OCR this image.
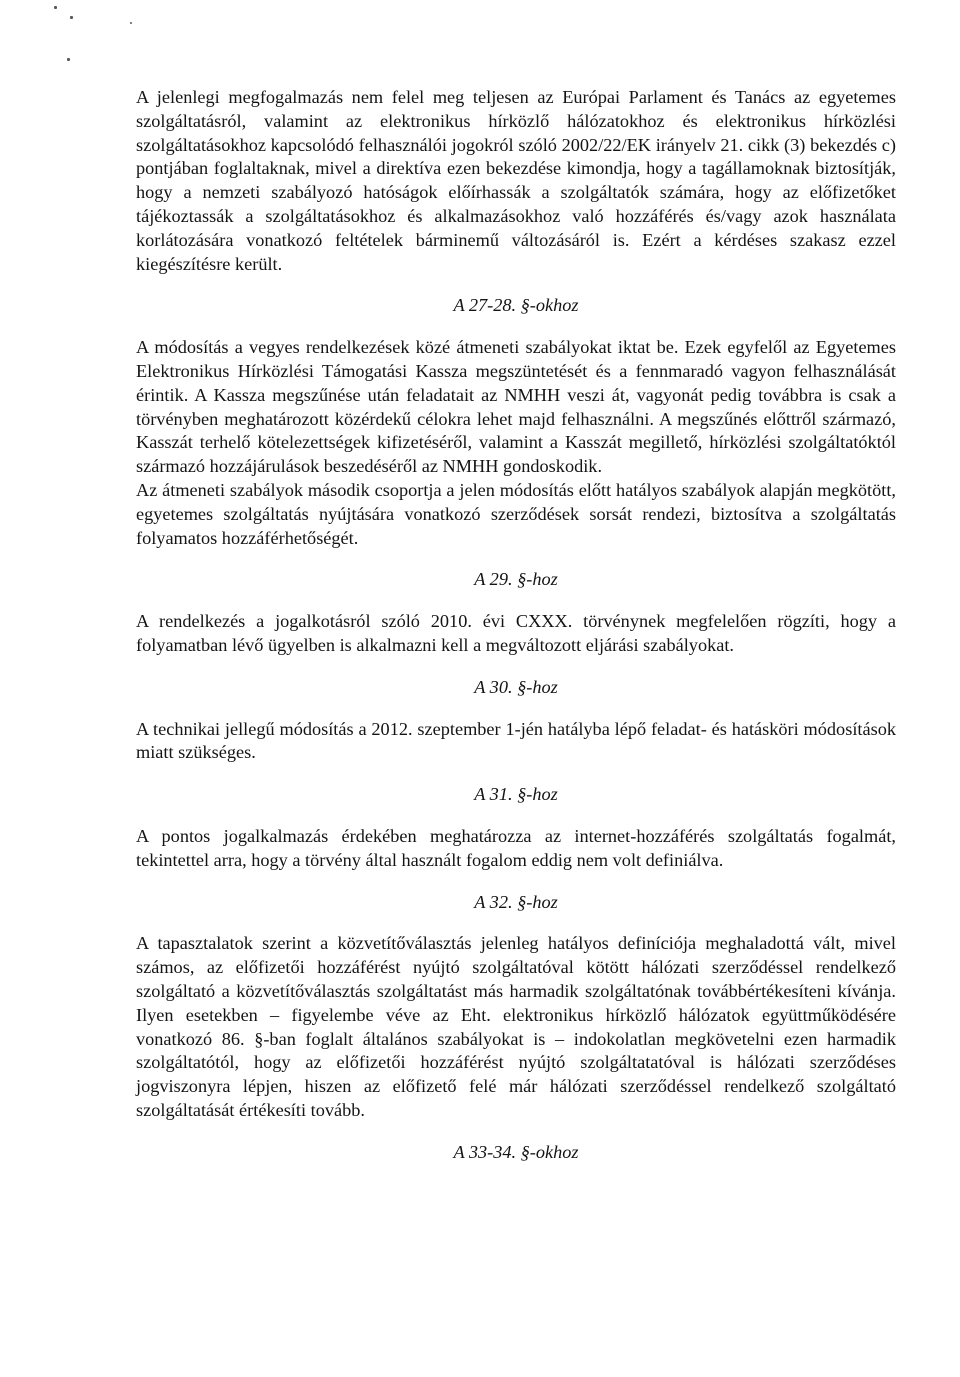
A jelenlegi megfogalmazás nem felel meg teljesen az Európai Parlament és Tanács az egyetemes szolgáltatásról, valamint az elektronikus hírközlő hálózatokhoz és elektronikus hírközlési szolgáltatásokhoz kapcsolódó felhasználói jogokról szóló 2002/22/EK irányelv 21. cikk (3) bekezdés c) pontjában foglaltaknak, mivel a direktíva ezen bekezdése kimondja, hogy a tagállamoknak biztosítják, hogy a nemzeti szabályozó hatóságok előírhassák a szolgáltatók számára, hogy az előfizetőket tájékoztassák a szolgáltatásokhoz és alkalmazásokhoz való hozzáférés és/vagy azok használata korlátozására vonatkozó feltételek bárminemű változásáról is. Ezért a kérdéses szakasz ezzel kiegészítésre került.

A 27-28. §-okhoz

A módosítás a vegyes rendelkezések közé átmeneti szabályokat iktat be. Ezek egyfelől az Egyetemes Elektronikus Hírközlési Támogatási Kassza megszüntetését és a fennmaradó vagyon felhasználását érintik. A Kassza megszűnése után feladatait az NMHH veszi át, vagyonát pedig továbbra is csak a törvényben meghatározott közérdekű célokra lehet majd felhasználni. A megszűnés előttről származó, Kasszát terhelő kötelezettségek kifizetéséről, valamint a Kasszát megillető, hírközlési szolgáltatóktól származó hozzájárulások beszedéséről az NMHH gondoskodik.

Az átmeneti szabályok második csoportja a jelen módosítás előtt hatályos szabályok alapján megkötött, egyetemes szolgáltatás nyújtására vonatkozó szerződések sorsát rendezi, biztosítva a szolgáltatás folyamatos hozzáférhetőségét.

A 29. §-hoz

A rendelkezés a jogalkotásról szóló 2010. évi CXXX. törvénynek megfelelően rögzíti, hogy a folyamatban lévő ügyelben is alkalmazni kell a megváltozott eljárási szabályokat.

A 30. §-hoz

A technikai jellegű módosítás a 2012. szeptember 1-jén hatályba lépő feladat- és hatásköri módosítások miatt szükséges.

A 31. §-hoz

A pontos jogalkalmazás érdekében meghatározza az internet-hozzáférés szolgáltatás fogalmát, tekintettel arra, hogy a törvény által használt fogalom eddig nem volt definiálva.

A 32. §-hoz

A tapasztalatok szerint a közvetítőválasztás jelenleg hatályos definíciója meghaladottá vált, mivel számos, az előfizetői hozzáférést nyújtó szolgáltatóval kötött hálózati szerződéssel rendelkező szolgáltató a közvetítőválasztás szolgáltatást más harmadik szolgáltatónak továbbértékesíteni kívánja. Ilyen esetekben – figyelembe véve az Eht. elektronikus hírközlő hálózatok együttműködésére vonatkozó 86. §-ban foglalt általános szabályokat is – indokolatlan megkövetelni ezen harmadik szolgáltatótól, hogy az előfizetői hozzáférést nyújtó szolgáltatatóval is hálózati szerződéses jogviszonyra lépjen, hiszen az előfizető felé már hálózati szerződéssel rendelkező szolgáltató szolgáltatását értékesíti tovább.

A 33-34. §-okhoz
